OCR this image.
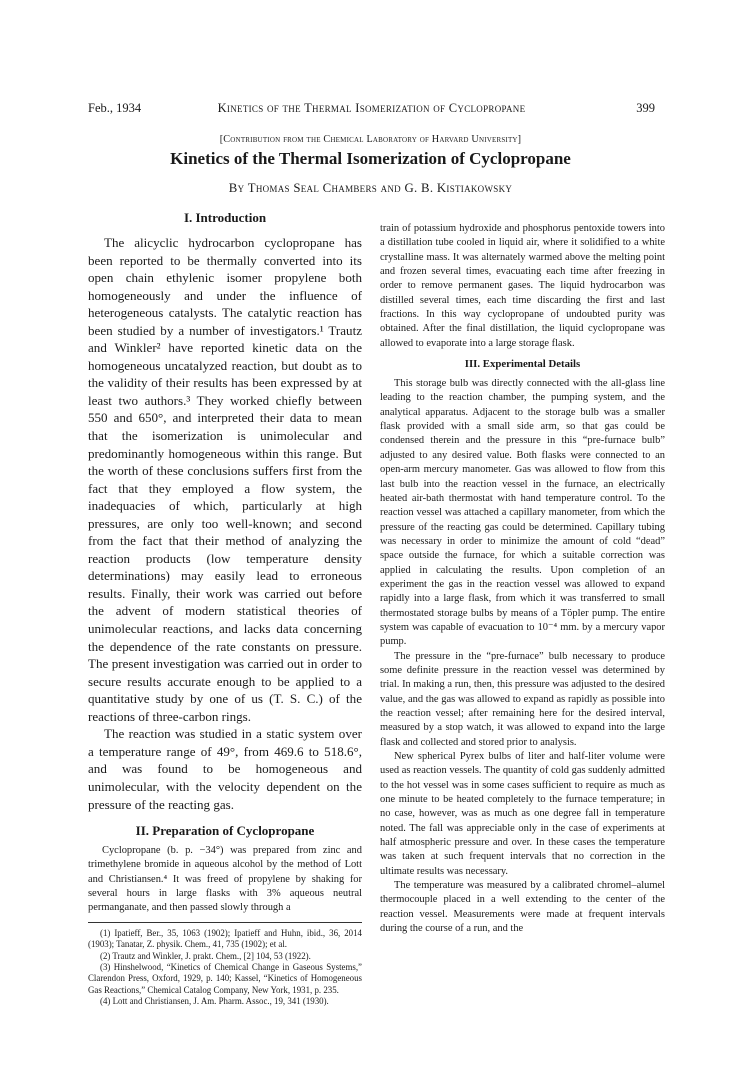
Feb., 1934	Kinetics of the Thermal Isomerization of Cyclopropane	399
[Contribution from the Chemical Laboratory of Harvard University]
Kinetics of the Thermal Isomerization of Cyclopropane
By Thomas Seal Chambers and G. B. Kistiakowsky
I. Introduction

The alicyclic hydrocarbon cyclopropane has been reported to be thermally converted into its open chain ethylenic isomer propylene both homogeneously and under the influence of heterogeneous catalysts. The catalytic reaction has been studied by a number of investigators.¹ Trautz and Winkler² have reported kinetic data on the homogeneous uncatalyzed reaction, but doubt as to the validity of their results has been expressed by at least two authors.³ They worked chiefly between 550 and 650°, and interpreted their data to mean that the isomerization is unimolecular and predominantly homogeneous within this range. But the worth of these conclusions suffers first from the fact that they employed a flow system, the inadequacies of which, particularly at high pressures, are only too well-known; and second from the fact that their method of analyzing the reaction products (low temperature density determinations) may easily lead to erroneous results. Finally, their work was carried out before the advent of modern statistical theories of unimolecular reactions, and lacks data concerning the dependence of the rate constants on pressure. The present investigation was carried out in order to secure results accurate enough to be applied to a quantitative study by one of us (T. S. C.) of the reactions of three-carbon rings.

The reaction was studied in a static system over a temperature range of 49°, from 469.6 to 518.6°, and was found to be homogeneous and unimolecular, with the velocity dependent on the pressure of the reacting gas.

II. Preparation of Cyclopropane

Cyclopropane (b. p. −34°) was prepared from zinc and trimethylene bromide in aqueous alcohol by the method of Lott and Christiansen.⁴ It was freed of propylene by shaking for several hours in large flasks with 3% aqueous neutral permanganate, and then passed slowly through a

(1) Ipatieff, Ber., 35, 1063 (1902); Ipatieff and Huhn, ibid., 36, 2014 (1903); Tanatar, Z. physik. Chem., 41, 735 (1902); et al.

(2) Trautz and Winkler, J. prakt. Chem., [2] 104, 53 (1922).

(3) Hinshelwood, “Kinetics of Chemical Change in Gaseous Systems,” Clarendon Press, Oxford, 1929, p. 140; Kassel, “Kinetics of Homogeneous Gas Reactions,” Chemical Catalog Company, New York, 1931, p. 235.

(4) Lott and Christiansen, J. Am. Pharm. Assoc., 19, 341 (1930).

train of potassium hydroxide and phosphorus pentoxide towers into a distillation tube cooled in liquid air, where it solidified to a white crystalline mass. It was alternately warmed above the melting point and frozen several times, evacuating each time after freezing in order to remove permanent gases. The liquid hydrocarbon was distilled several times, each time discarding the first and last fractions. In this way cyclopropane of undoubted purity was obtained. After the final distillation, the liquid cyclopropane was allowed to evaporate into a large storage flask.

III. Experimental Details

This storage bulb was directly connected with the all-glass line leading to the reaction chamber, the pumping system, and the analytical apparatus. Adjacent to the storage bulb was a smaller flask provided with a small side arm, so that gas could be condensed therein and the pressure in this “pre-furnace bulb” adjusted to any desired value. Both flasks were connected to an open-arm mercury manometer. Gas was allowed to flow from this last bulb into the reaction vessel in the furnace, an electrically heated air-bath thermostat with hand temperature control. To the reaction vessel was attached a capillary manometer, from which the pressure of the reacting gas could be determined. Capillary tubing was necessary in order to minimize the amount of cold “dead” space outside the furnace, for which a suitable correction was applied in calculating the results. Upon completion of an experiment the gas in the reaction vessel was allowed to expand rapidly into a large flask, from which it was transferred to small thermostated storage bulbs by means of a Töpler pump. The entire system was capable of evacuation to 10⁻⁴ mm. by a mercury vapor pump.

The pressure in the “pre-furnace” bulb necessary to produce some definite pressure in the reaction vessel was determined by trial. In making a run, then, this pressure was adjusted to the desired value, and the gas was allowed to expand as rapidly as possible into the reaction vessel; after remaining here for the desired interval, measured by a stop watch, it was allowed to expand into the large flask and collected and stored prior to analysis.

New spherical Pyrex bulbs of liter and half-liter volume were used as reaction vessels. The quantity of cold gas suddenly admitted to the hot vessel was in some cases sufficient to require as much as one minute to be heated completely to the furnace temperature; in no case, however, was as much as one degree fall in temperature noted. The fall was appreciable only in the case of experiments at half atmospheric pressure and over. In these cases the temperature was taken at such frequent intervals that no correction in the ultimate results was necessary.

The temperature was measured by a calibrated chromel–alumel thermocouple placed in a well extending to the center of the reaction vessel. Measurements were made at frequent intervals during the course of a run, and the
